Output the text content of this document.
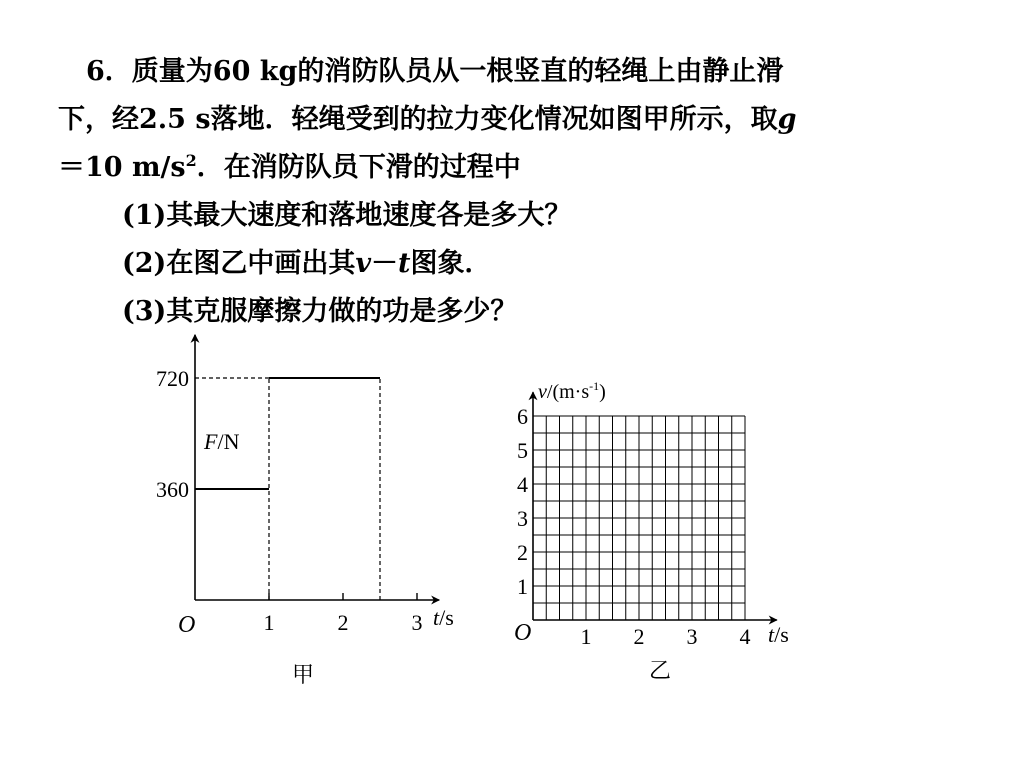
6．质量为60 kg的消防队员从一根竖直的轻绳上由静止滑
下，经2.5 s落地．轻绳受到的拉力变化情况如图甲所示，取g
＝10 $m/s^2$．在消防队员下滑的过程中
(1)其最大速度和落地速度各是多大？
(2)在图乙中画出其v－t图象．
(3)其克服摩擦力做的功是多少？
1	2	3
360
720
F/N
t/s
O
甲
1 2 3 4
1
2
3
4
5
6
$v/(m\cdot s^{-1})$
t/s
O
乙
